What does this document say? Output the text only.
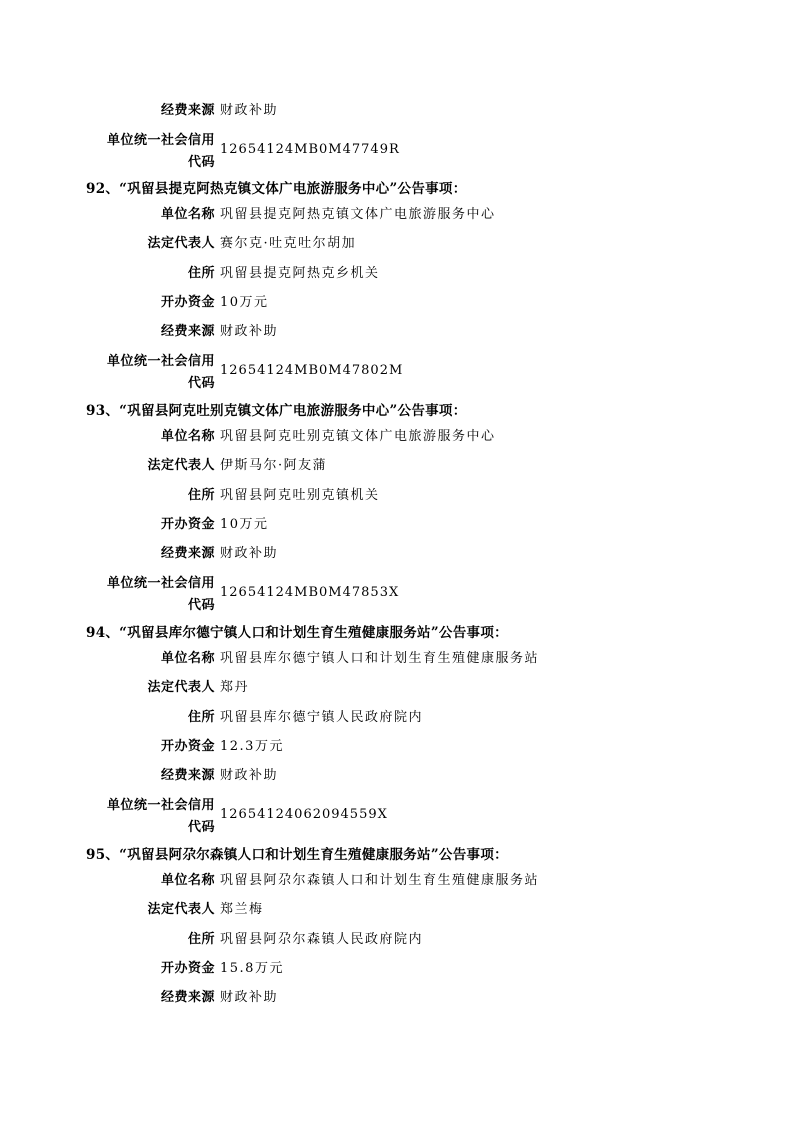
经费来源 财政补助
单位统一社会信用
代码
12654124MB0M47749R
92、“巩留县提克阿热克镇文体广电旅游服务中心”公告事项：
单位名称 巩留县提克阿热克镇文体广电旅游服务中心
法定代表人 赛尔克·吐克吐尔胡加
住所 巩留县提克阿热克乡机关
开办资金 10万元
经费来源 财政补助
单位统一社会信用
代码
12654124MB0M47802M
93、“巩留县阿克吐别克镇文体广电旅游服务中心”公告事项：
单位名称 巩留县阿克吐别克镇文体广电旅游服务中心
法定代表人 伊斯马尔·阿友蒲
住所 巩留县阿克吐别克镇机关
开办资金 10万元
经费来源 财政补助
单位统一社会信用
代码
12654124MB0M47853X
94、“巩留县库尔德宁镇人口和计划生育生殖健康服务站”公告事项：
单位名称 巩留县库尔德宁镇人口和计划生育生殖健康服务站
法定代表人 郑丹
住所 巩留县库尔德宁镇人民政府院内
开办资金 12.3万元
经费来源 财政补助
单位统一社会信用
代码
12654124062094559X
95、“巩留县阿尕尔森镇人口和计划生育生殖健康服务站”公告事项：
单位名称 巩留县阿尕尔森镇人口和计划生育生殖健康服务站
法定代表人 郑兰梅
住所 巩留县阿尕尔森镇人民政府院内
开办资金 15.8万元
经费来源 财政补助
